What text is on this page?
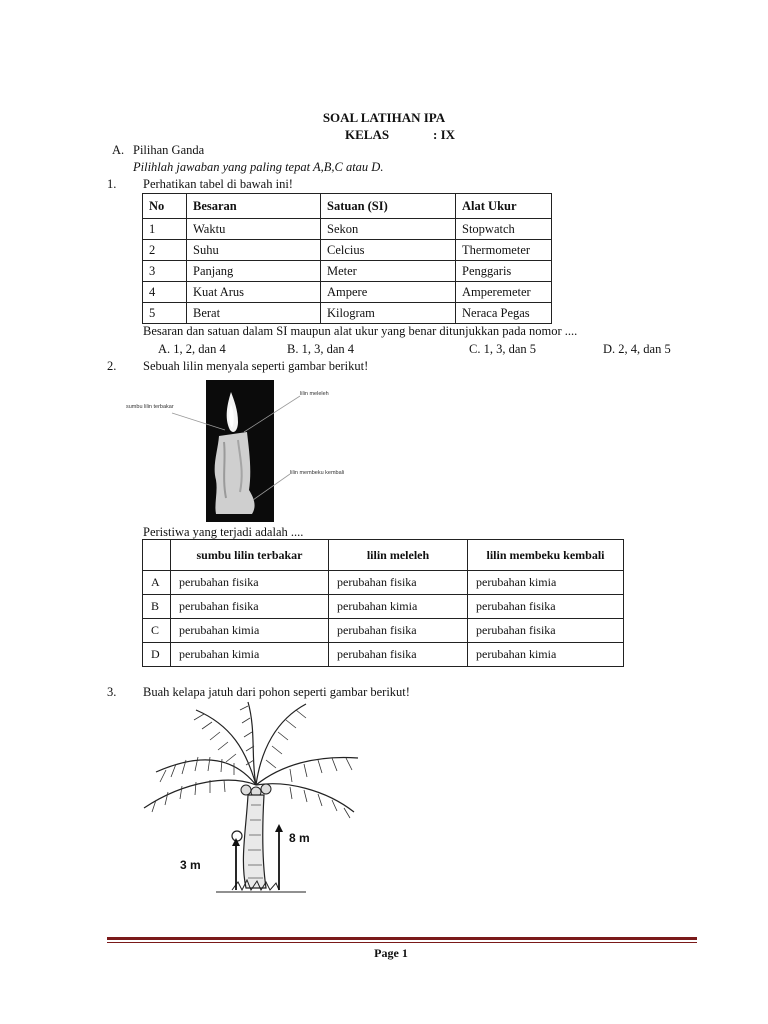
SOAL LATIHAN IPA
KELAS	: IX
A. Pilihan Ganda
Pilihlah jawaban yang paling tepat A,B,C atau D.
1. Perhatikan tabel di bawah ini!
No	Besaran	Satuan (SI)	Alat Ukur
1	Waktu	Sekon	Stopwatch
2	Suhu	Celcius	Thermometer
3	Panjang	Meter	Penggaris
4	Kuat Arus	Ampere	Amperemeter
5	Berat	Kilogram	Neraca Pegas
Besaran dan satuan dalam SI maupun alat ukur yang benar ditunjukkan pada nomor ....
A. 1, 2, dan 4	B. 1, 3, dan 4	C. 1, 3, dan 5	D. 2, 4, dan 5
2. Sebuah lilin menyala seperti gambar berikut!
sumbu lilin terbakar
lilin meleleh
lilin membeku kembali
Peristiwa yang terjadi adalah ....
	sumbu lilin terbakar	lilin meleleh	lilin membeku kembali
A	perubahan fisika	perubahan fisika	perubahan kimia
B	perubahan fisika	perubahan kimia	perubahan fisika
C	perubahan kimia	perubahan fisika	perubahan fisika
D	perubahan kimia	perubahan fisika	perubahan kimia
3. Buah kelapa jatuh dari pohon seperti gambar berikut!
3 m
8 m
Page 1
